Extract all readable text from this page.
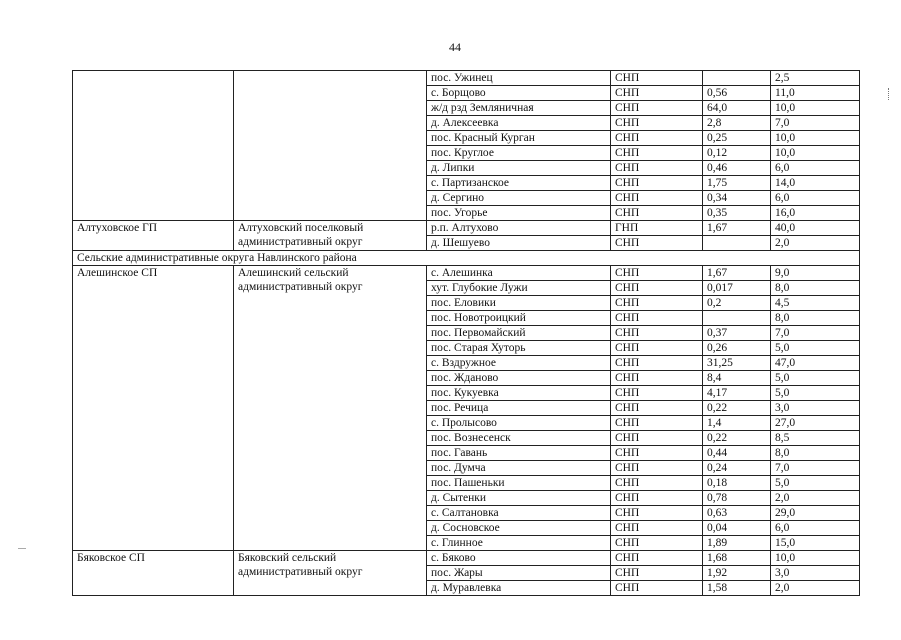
44
		пос. Ужинец	СНП		2,5
		с. Борщово	СНП	0,56	11,0
		ж/д рзд Земляничная	СНП	64,0	10,0
		д. Алексеевка	СНП	2,8	7,0
		пос. Красный Курган	СНП	0,25	10,0
		пос. Круглое	СНП	0,12	10,0
		д. Липки	СНП	0,46	6,0
		с. Партизанское	СНП	1,75	14,0
		д. Сергино	СНП	0,34	6,0
		пос. Угорье	СНП	0,35	16,0
Алтуховское ГП	Алтуховский поселковый административный округ	р.п. Алтухово	ГНП	1,67	40,0
		д. Шешуево	СНП		2,0
Сельские административные округа Навлинского района					
Алешинское СП	Алешинский сельский административный округ	с. Алешинка	СНП	1,67	9,0
		хут. Глубокие Лужи	СНП	0,017	8,0
		пос. Еловики	СНП	0,2	4,5
		пос. Новотроицкий	СНП		8,0
		пос. Первомайский	СНП	0,37	7,0
		пос. Старая Хуторь	СНП	0,26	5,0
		с. Вздружное	СНП	31,25	47,0
		пос. Жданово	СНП	8,4	5,0
		пос. Кукуевка	СНП	4,17	5,0
		пос. Речица	СНП	0,22	3,0
		с. Пролысово	СНП	1,4	27,0
		пос. Вознесенск	СНП	0,22	8,5
		пос. Гавань	СНП	0,44	8,0
		пос. Думча	СНП	0,24	7,0
		пос. Пашеньки	СНП	0,18	5,0
		д. Сытенки	СНП	0,78	2,0
		с. Салтановка	СНП	0,63	29,0
		д. Сосновское	СНП	0,04	6,0
		с. Глинное	СНП	1,89	15,0
Бяковское СП	Бяковский сельский административный округ	с. Бяково	СНП	1,68	10,0
		пос. Жары	СНП	1,92	3,0
		д. Муравлевка	СНП	1,58	2,0
